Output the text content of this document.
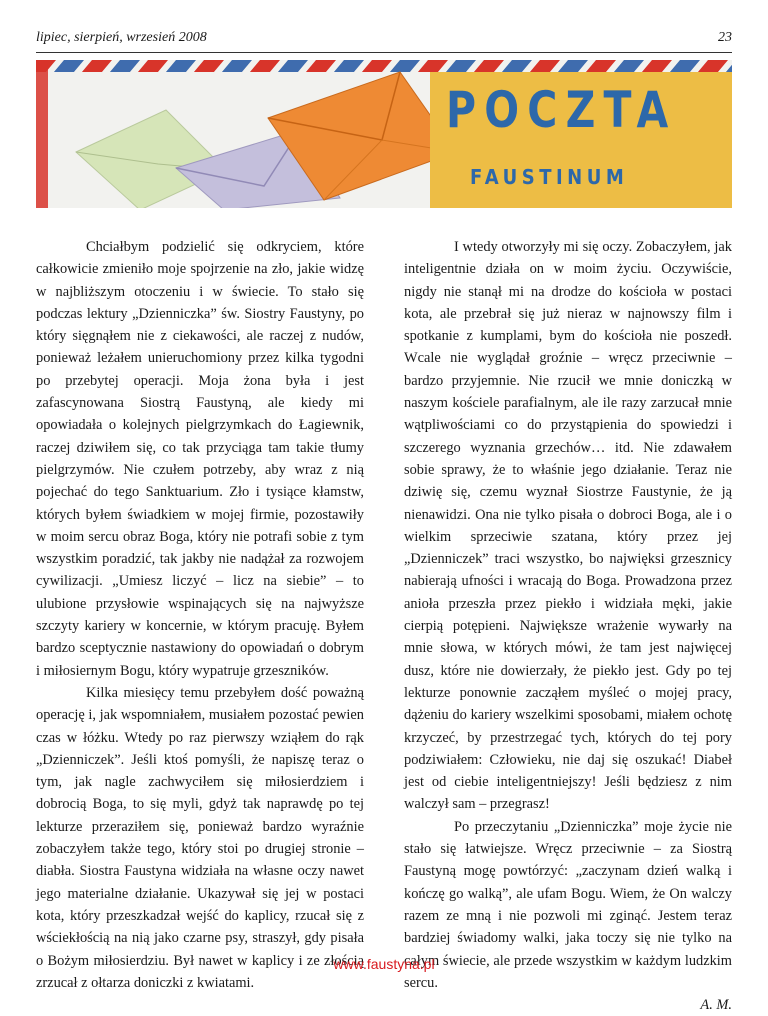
lipiec, sierpień, wrzesień 2008	23
POCZTA
FAUSTINUM

Chciałbym podzielić się odkryciem, które całkowicie zmieniło moje spojrzenie na zło, jakie widzę w najbliższym otoczeniu i w świecie. To stało się podczas lektury „Dzienniczka” św. Siostry Faustyny, po który sięgnąłem nie z ciekawości, ale raczej z nudów, ponieważ leżałem unieruchomiony przez kilka tygodni po przebytej operacji. Moja żona była i jest zafascynowana Siostrą Faustyną, ale kiedy mi opowiadała o kolejnych pielgrzymkach do Łagiewnik, raczej dziwiłem się, co tak przyciąga tam takie tłumy pielgrzymów. Nie czułem potrzeby, aby wraz z nią pojechać do tego Sanktuarium. Zło i tysiące kłamstw, których byłem świadkiem w mojej firmie, pozostawiły w moim sercu obraz Boga, który nie potrafi sobie z tym wszystkim poradzić, tak jakby nie nadążał za rozwojem cywilizacji. „Umiesz liczyć – licz na siebie” – to ulubione przysłowie wspinających się na najwyższe szczyty kariery w koncernie, w którym pracuję. Byłem bardzo sceptycznie nastawiony do opowiadań o dobrym i miłosiernym Bogu, który wypatruje grzeszników.

Kilka miesięcy temu przebyłem dość poważną operację i, jak wspomniałem, musiałem pozostać pewien czas w łóżku. Wtedy po raz pierwszy wziąłem do rąk „Dzienniczek”. Jeśli ktoś pomyśli, że napiszę teraz o tym, jak nagle zachwyciłem się miłosierdziem i dobrocią Boga, to się myli, gdyż tak naprawdę po tej lekturze przeraziłem się, ponieważ bardzo wyraźnie zobaczyłem także tego, który stoi po drugiej stronie – diabła. Siostra Faustyna widziała na własne oczy nawet jego materialne działanie. Ukazywał się jej w postaci kota, który przeszkadzał wejść do kaplicy, rzucał się z wściekłością na nią jako czarne psy, straszył, gdy pisała o Bożym miłosierdziu. Był nawet w kaplicy i ze złością zrzucał z ołtarza doniczki z kwiatami.

I wtedy otworzyły mi się oczy. Zobaczyłem, jak inteligentnie działa on w moim życiu. Oczywiście, nigdy nie stanął mi na drodze do kościoła w postaci kota, ale przebrał się już nieraz w najnowszy film i spotkanie z kumplami, bym do kościoła nie poszedł. Wcale nie wyglądał groźnie – wręcz przeciwnie – bardzo przyjemnie. Nie rzucił we mnie doniczką w naszym kościele parafialnym, ale ile razy zarzucał mnie wątpliwościami co do przystąpienia do spowiedzi i szczerego wyznania grzechów… itd. Nie zdawałem sobie sprawy, że to właśnie jego działanie. Teraz nie dziwię się, czemu wyznał Siostrze Faustynie, że ją nienawidzi. Ona nie tylko pisała o dobroci Boga, ale i o wielkim sprzeciwie szatana, który przez jej „Dzienniczek” traci wszystko, bo najwięksi grzesznicy nabierają ufności i wracają do Boga. Prowadzona przez anioła przeszła przez piekło i widziała męki, jakie cierpią potępieni. Największe wrażenie wywarły na mnie słowa, w których mówi, że tam jest najwięcej dusz, które nie dowierzały, że piekło jest. Gdy po tej lekturze ponownie zacząłem myśleć o mojej pracy, dążeniu do kariery wszelkimi sposobami, miałem ochotę krzyczeć, by przestrzegać tych, których do tej pory podziwiałem: Człowieku, nie daj się oszukać! Diabeł jest od ciebie inteligentniejszy! Jeśli będziesz z nim walczył sam – przegrasz!

Po przeczytaniu „Dzienniczka” moje życie nie stało się łatwiejsze. Wręcz przeciwnie – za Siostrą Faustyną mogę powtórzyć: „zaczynam dzień walką i kończę go walką”, ale ufam Bogu. Wiem, że On walczy razem ze mną i nie pozwoli mi zginąć. Jestem teraz bardziej świadomy walki, jaka toczy się nie tylko na całym świecie, ale przede wszystkim w każdym ludzkim sercu.

A. M.

www.faustyna.pl
